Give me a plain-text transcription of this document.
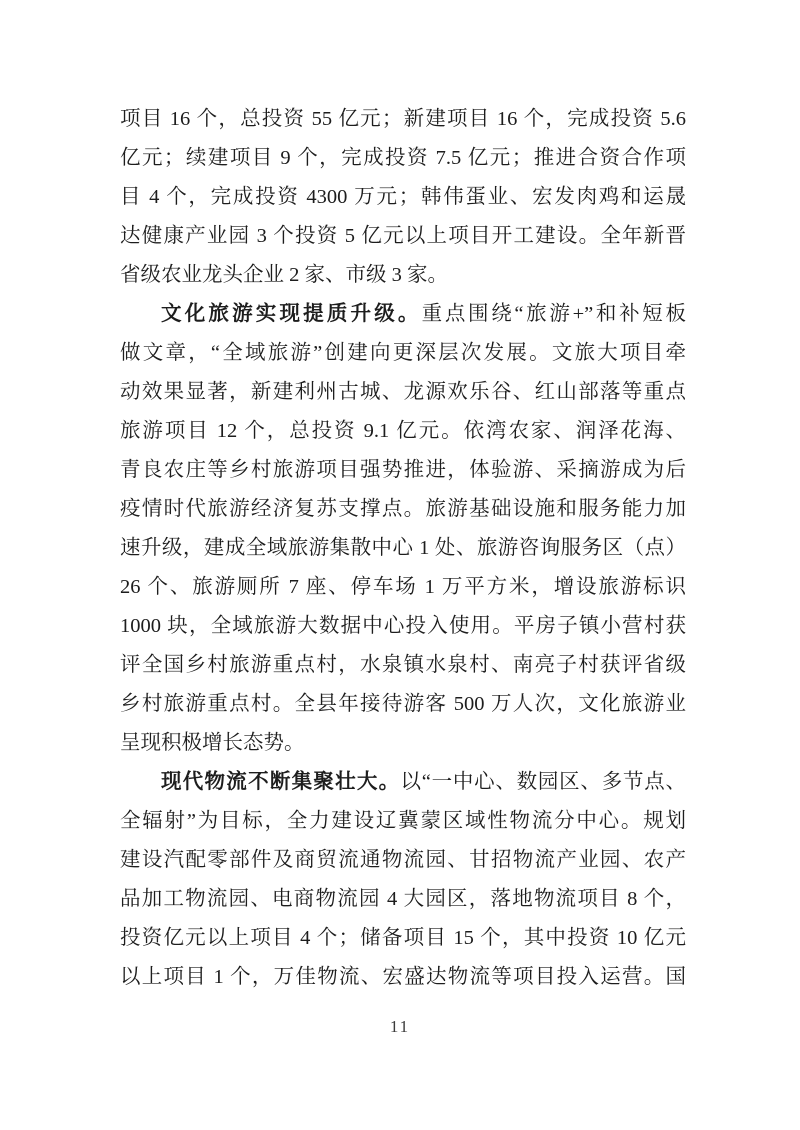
项目 16 个，总投资 55 亿元；新建项目 16 个，完成投资 5.6
亿元；续建项目 9 个，完成投资 7.5 亿元；推进合资合作项
目 4 个，完成投资 4300 万元；韩伟蛋业、宏发肉鸡和运晟
达健康产业园 3 个投资 5 亿元以上项目开工建设。全年新晋
省级农业龙头企业 2 家、市级 3 家。
文化旅游实现提质升级。重点围绕“旅游+”和补短板
做文章，“全域旅游”创建向更深层次发展。文旅大项目牵
动效果显著，新建利州古城、龙源欢乐谷、红山部落等重点
旅游项目 12 个，总投资 9.1 亿元。依湾农家、润泽花海、
青良农庄等乡村旅游项目强势推进，体验游、采摘游成为后
疫情时代旅游经济复苏支撑点。旅游基础设施和服务能力加
速升级，建成全域旅游集散中心 1 处、旅游咨询服务区（点）
26 个、旅游厕所 7 座、停车场 1 万平方米，增设旅游标识
1000 块，全域旅游大数据中心投入使用。平房子镇小营村获
评全国乡村旅游重点村，水泉镇水泉村、南亮子村获评省级
乡村旅游重点村。全县年接待游客 500 万人次，文化旅游业
呈现积极增长态势。
现代物流不断集聚壮大。以“一中心、数园区、多节点、
全辐射”为目标，全力建设辽冀蒙区域性物流分中心。规划
建设汽配零部件及商贸流通物流园、甘招物流产业园、农产
品加工物流园、电商物流园 4 大园区，落地物流项目 8 个，
投资亿元以上项目 4 个；储备项目 15 个，其中投资 10 亿元
以上项目 1 个，万佳物流、宏盛达物流等项目投入运营。国
11
